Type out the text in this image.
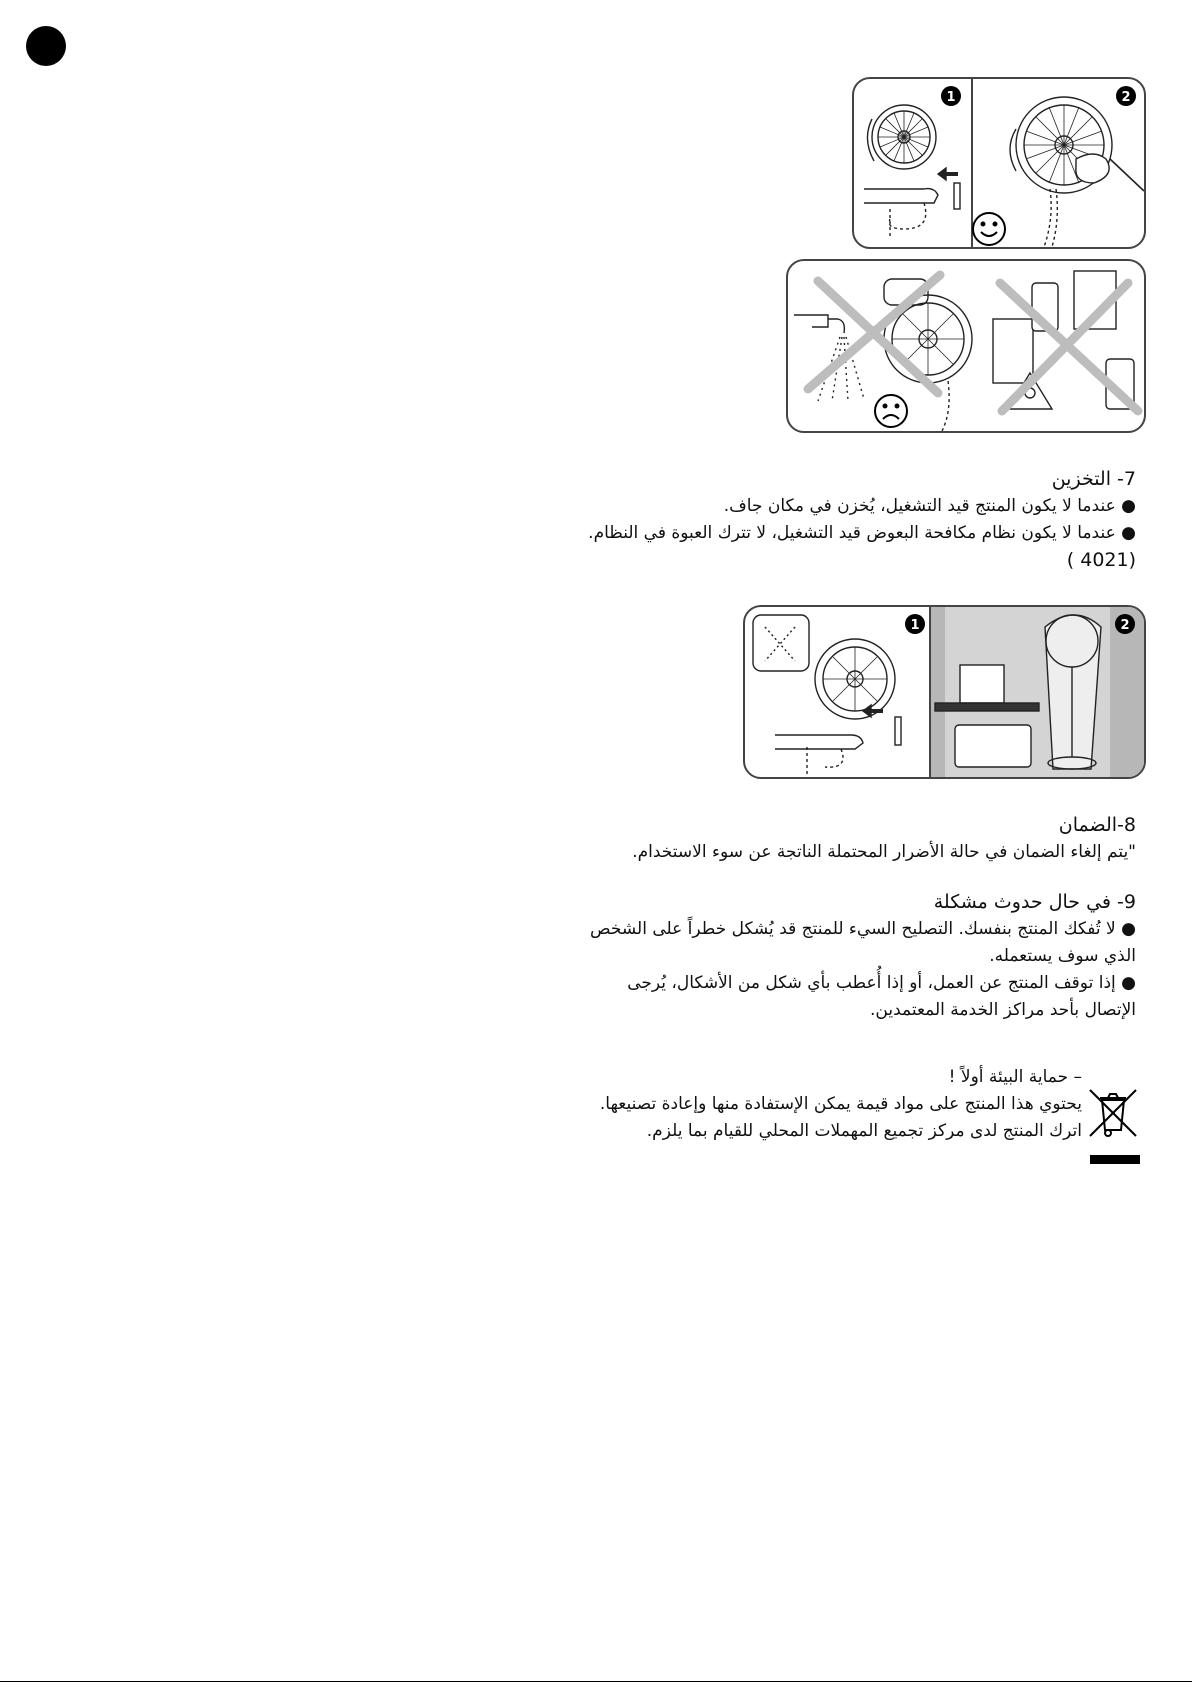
1	2
7- التخزين
● عندما لا يكون المنتج قيد التشغيل، يُخزن في مكان جاف.
● عندما لا يكون نظام مكافحة البعوض قيد التشغيل، لا تترك العبوة في النظام.
( 4021)
1	2
8-الضمان
"يتم إلغاء الضمان في حالة الأضرار المحتملة الناتجة عن سوء الاستخدام.
9- في حال حدوث مشكلة
● لا تُفكك المنتج بنفسك. التصليح السيء للمنتج قد يُشكل خطراً على الشخص
الذي سوف يستعمله.
● إذا توقف المنتج عن العمل، أو إذا أُعطب بأي شكل من الأشكال، يُرجى
الإتصال بأحد مراكز الخدمة المعتمدين.
– حماية البيئة أولاً !
يحتوي هذا المنتج على مواد قيمة يمكن الإستفادة منها وإعادة تصنيعها.
اترك المنتج لدى مركز تجميع المهملات المحلي للقيام بما يلزم.
